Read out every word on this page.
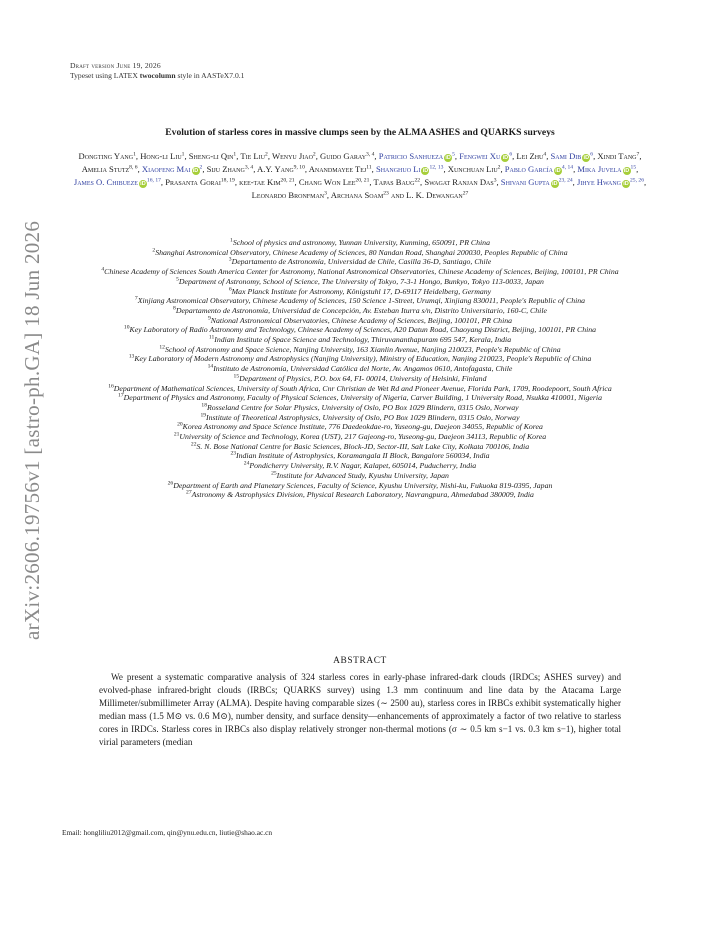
Draft version June 19, 2026
Typeset using LATEX twocolumn style in AASTeX7.0.1
arXiv:2606.19756v1 [astro-ph.GA] 18 Jun 2026
Evolution of starless cores in massive clumps seen by the ALMA ASHES and QUARKS surveys
Dongting Yang$^1$, Hong-li Liu$^1$, Sheng-li Qin$^1$, Tie Liu$^2$, Wenyu Jiao$^2$, Guido Garay$^{3, 4}$, Patricio Sanhueza $iD^5$, Fengwei Xu $iD^6$, Lei Zhu$^4$, Sami Dib $iD^6$, Xindi Tang$^7$, Amelia Stutz$^{8, 6}$, Xiaofeng Mai $iD^2$, Siju Zhang$^{3, 4}$, A.Y. Yang$^{9, 10}$, Anandmayee Tej$^{11}$, Shanghuo Li iD$^{12, 13}$, Xunchuan Liu$^2$, Pablo García iD$^{4, 14}$, Mika Juvela $iD^{15}$, James O. Chibueze iD$^{16, 17}$, Prasanta Gorai$^{18, 19}$, kee-tae Kim$^{20, 21}$, Chang Won Lee$^{20, 21}$, Tapas Baug$^{22}$, Swagat Ranjan Das$^3$, Shivani Gupta iD$^{23, 24}$, Jihye Hwang iD$^{25, 26}$, Leonardo Bronfman$^3$, Archana Soam$^{23}$ and L. K. Dewangan$^{27}$
$^1$School of physics and astronomy, Yunnan University, Kunming, 650091, PR China
$^2$Shanghai Astronomical Observatory, Chinese Academy of Sciences, 80 Nandan Road, Shanghai 200030, Peoples Republic of China
$^3$Departamento de Astronomía, Universidad de Chile, Casilla 36-D, Santiago, Chile
$^4$Chinese Academy of Sciences South America Center for Astronomy, National Astronomical Observatories, Chinese Academy of Sciences, Beijing, 100101, PR China
$^5$Department of Astronomy, School of Science, The University of Tokyo, 7-3-1 Hongo, Bunkyo, Tokyo 113-0033, Japan
$^6$Max Planck Institute for Astronomy, Königstuhl 17, D-69117 Heidelberg, Germany
$^7$Xinjiang Astronomical Observatory, Chinese Academy of Sciences, 150 Science 1-Street, Urumqi, Xinjiang 830011, People's Republic of China
$^8$Departamento de Astronomía, Universidad de Concepción, Av. Esteban Iturra s/n, Distrito Universitario, 160-C, Chile
$^9$National Astronomical Observatories, Chinese Academy of Sciences, Beijing, 100101, PR China
$^{10}$Key Laboratory of Radio Astronomy and Technology, Chinese Academy of Sciences, A20 Datun Road, Chaoyang District, Beijing, 100101, PR China
$^{11}$Indian Institute of Space Science and Technology, Thiruvananthapuram 695 547, Kerala, India
$^{12}$School of Astronomy and Space Science, Nanjing University, 163 Xianlin Avenue, Nanjing 210023, People's Republic of China
$^{13}$Key Laboratory of Modern Astronomy and Astrophysics (Nanjing University), Ministry of Education, Nanjing 210023, People's Republic of China
$^{14}$Instituto de Astronomía, Universidad Católica del Norte, Av. Angamos 0610, Antofagasta, Chile
$^{15}$Department of Physics, P.O. box 64, FI- 00014, University of Helsinki, Finland
$^{16}$Department of Mathematical Sciences, University of South Africa, Cnr Christian de Wet Rd and Pioneer Avenue, Florida Park, 1709, Roodepoort, South Africa
$^{17}$Department of Physics and Astronomy, Faculty of Physical Sciences, University of Nigeria, Carver Building, 1 University Road, Nsukka 410001, Nigeria
$^{18}$Rosseland Centre for Solar Physics, University of Oslo, PO Box 1029 Blindern, 0315 Oslo, Norway
$^{19}$Institute of Theoretical Astrophysics, University of Oslo, PO Box 1029 Blindern, 0315 Oslo, Norway
$^{20}$Korea Astronomy and Space Science Institute, 776 Daedeokdae-ro, Yuseong-gu, Daejeon 34055, Republic of Korea
$^{21}$University of Science and Technology, Korea (UST), 217 Gajeong-ro, Yuseong-gu, Daejeon 34113, Republic of Korea
$^{22}$S. N. Bose National Centre for Basic Sciences, Block-JD, Sector-III, Salt Lake City, Kolkata 700106, India
$^{23}$Indian Institute of Astrophysics, Koramangala II Block, Bangalore 560034, India
$^{24}$Pondicherry University, R.V. Nagar, Kalapet, 605014, Puducherry, India
$^{25}$Institute for Advanced Study, Kyushu University, Japan
$^{26}$Department of Earth and Planetary Sciences, Faculty of Science, Kyushu University, Nishi-ku, Fukuoka 819-0395, Japan
$^{27}$Astronomy & Astrophysics Division, Physical Research Laboratory, Navrangpura, Ahmedabad 380009, India
ABSTRACT
We present a systematic comparative analysis of 324 starless cores in early-phase infrared-dark clouds (IRDCs; ASHES survey) and evolved-phase infrared-bright clouds (IRBCs; QUARKS survey) using 1.3 mm continuum and line data by the Atacama Large Millimeter/submillimeter Array (ALMA). Despite having comparable sizes (∼ 2500 au), starless cores in IRBCs exhibit systematically higher median mass (1.5 M⊙ vs. 0.6 M⊙), number density, and surface density—enhancements of approximately a factor of two relative to starless cores in IRDCs. Starless cores in IRBCs also display relatively stronger non-thermal motions (σ ∼ 0.5 km s−1 vs. 0.3 km s−1), higher total virial parameters (median
Email: hongliliu2012@gmail.com, qin@ynu.edu.cn, liutie@shao.ac.cn
